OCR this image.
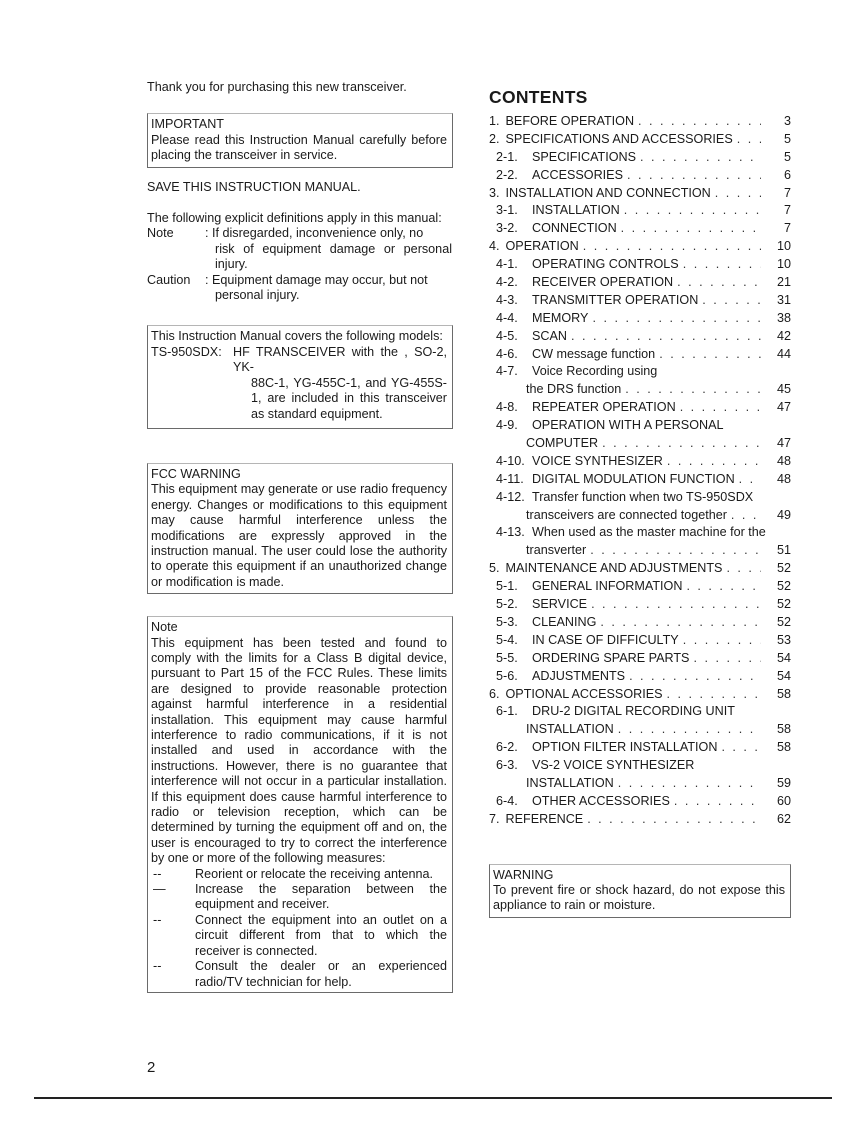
Thank you for purchasing this new transceiver.

IMPORTANT

Please read this Instruction Manual carefully before placing the transceiver in service.

SAVE THIS INSTRUCTION MANUAL.

The following explicit definitions apply in this manual:

Note	: If disregarded, inconvenience only, no
risk of equipment damage or personal injury.
Caution	: Equipment damage may occur, but not
personal injury.

This Instruction Manual covers the following models:

TS-950SDX: HF TRANSCEIVER with the , SO-2, YK-
88C-1, YG-455C-1, and YG-455S-1, are included in this transceiver as standard equipment.

FCC WARNING

This equipment may generate or use radio frequency energy. Changes or modifications to this equipment may cause harmful interference unless the modifications are expressly approved in the instruction manual. The user could lose the authority to operate this equipment if an unauthorized change or modification is made.

Note

This equipment has been tested and found to comply with the limits for a Class B digital device, pursuant to Part 15 of the FCC Rules. These limits are designed to provide reasonable protection against harmful interference in a residential installation. This equipment may cause harmful interference to radio communications, if it is not installed and used in accordance with the instructions. However, there is no guarantee that interference will not occur in a particular installation. If this equipment does cause harmful interference to radio or television reception, which can be determined by turning the equipment off and on, the user is encouraged to try to correct the interference by one or more of the following measures:

--	Reorient or relocate the receiving antenna.
—	Increase the separation between the equipment and receiver.
--	Connect the equipment into an outlet on a circuit different from that to which the receiver is connected.
--	Consult the dealer or an experienced radio/TV technician for help.
CONTENTS
1. BEFORE OPERATION . . .	3
2. SPECIFICATIONS AND ACCESSORIES . . .	5
2-1.	SPECIFICATIONS . . .	5
2-2.	ACCESSORIES . . .	6
3. INSTALLATION AND CONNECTION . . .	7
3-1.	INSTALLATION . . .	7
3-2.	CONNECTION . . .	7
4. OPERATION . . .	10
4-1.	OPERATING CONTROLS . . .	10
4-2.	RECEIVER OPERATION . . .	21
4-3.	TRANSMITTER OPERATION . . .	31
4-4.	MEMORY . . .	38
4-5.	SCAN . . .	42
4-6.	CW message function . . .	44
4-7.	Voice Recording using
the DRS function . . .	45
4-8.	REPEATER OPERATION . . .	47
4-9.	OPERATION WITH A PERSONAL
COMPUTER . . .	47
4-10. VOICE SYNTHESIZER . . .	48
4-11. DIGITAL MODULATION FUNCTION . . .	48
4-12. Transfer function when two TS-950SDX
transceivers are connected together . . .	49
4-13. When used as the master machine for the
transverter . . .	51
5. MAINTENANCE AND ADJUSTMENTS . . .	52
5-1.	GENERAL INFORMATION . . .	52
5-2.	SERVICE . . .	52
5-3.	CLEANING . . .	52
5-4.	IN CASE OF DIFFICULTY . . .	53
5-5.	ORDERING SPARE PARTS . . .	54
5-6.	ADJUSTMENTS . . .	54
6. OPTIONAL ACCESSORIES . . .	58
6-1.	DRU-2 DIGITAL RECORDING UNIT
INSTALLATION . . .	58
6-2.	OPTION FILTER INSTALLATION . . .	58
6-3.	VS-2 VOICE SYNTHESIZER
INSTALLATION . . .	59
6-4.	OTHER ACCESSORIES . . .	60
7. REFERENCE . . .	62

WARNING

To prevent fire or shock hazard, do not expose this appliance to rain or moisture.

2
